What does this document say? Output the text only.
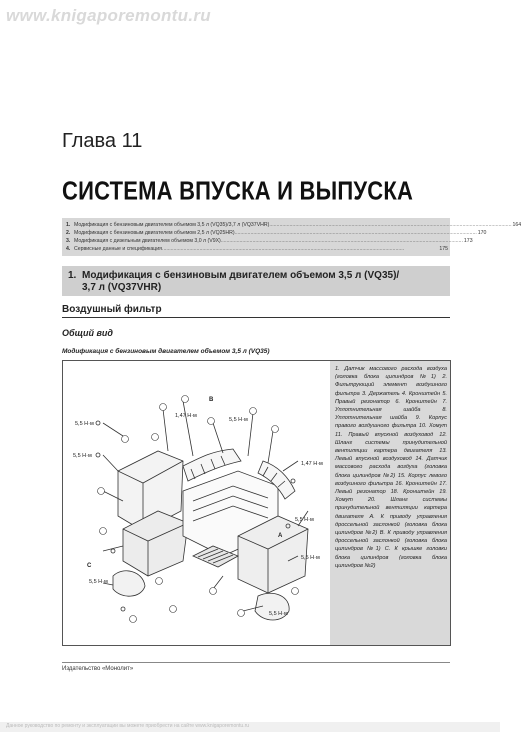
www.knigaporemontu.ru
Глава 11
СИСТЕМА ВПУСКА И ВЫПУСКА
1. Модификация с бензиновым двигателем объемом 3,5 л (VQ35)/3,7 л (VQ37VHR) ........................................................................................................................................................................ 164
2. Модификация с бензиновым двигателем объемом 2,5 л (VQ25HR) ........................................................................................................................................................................ 170
3. Модификация с дизельным двигателем объемом 3,0 л (V9X) ........................................................................................................................................................................ 173
4. Сервисные данные и спецификация ........................................................................................................................................................................	175
1. Модификация с бензиновым двигателем объемом 3,5 л (VQ35)/
3,7 л (VQ37VHR)
Воздушный фильтр
Общий вид
Модификация с бензиновым двигателем объемом 3,5 л (VQ35)
1,47 Н·м
5,5 Н·м
5,5 Н·м
5,5 Н·м
1,47 Н·м
5,5 Н·м
5,5 Н·м
5,5 Н·м
5,5 Н·м
A
B
C
1. Датчик массового расхода воздуха (головка блока цилиндров №1) 2. Фильтрующий элемент воздушного фильтра 3. Держатель 4. Кронштейн 5. Правый резонатор 6. Кронштейн 7. Уплотнительная шайба 8. Уплотнительная шайба 9. Корпус правого воздушного фильтра 10. Хомут 11. Правый впускной воздуховод 12. Шланг системы принудительной вентиляции картера двигателя 13. Левый впускной воздуховод 14. Датчик массового расхода воздуха (головка блока цилиндров №2) 15. Корпус левого воздушного фильтра 16. Кронштейн 17. Левый резонатор 18. Кронштейн 19. Хомут 20. Шланг системы принудительной вентиляции картера двигателя А. К приводу управления дроссельной заслонкой (головка блока цилиндров №2) B. К приводу управления дроссельной заслонкой (головка блока цилиндров №1) C. К крышке головки блока цилиндров (головка блока цилиндров №2)
Издательство «Монолит»
Данное руководство по ремонту и эксплуатации вы можете приобрести на сайте www.knigaporemontu.ru
